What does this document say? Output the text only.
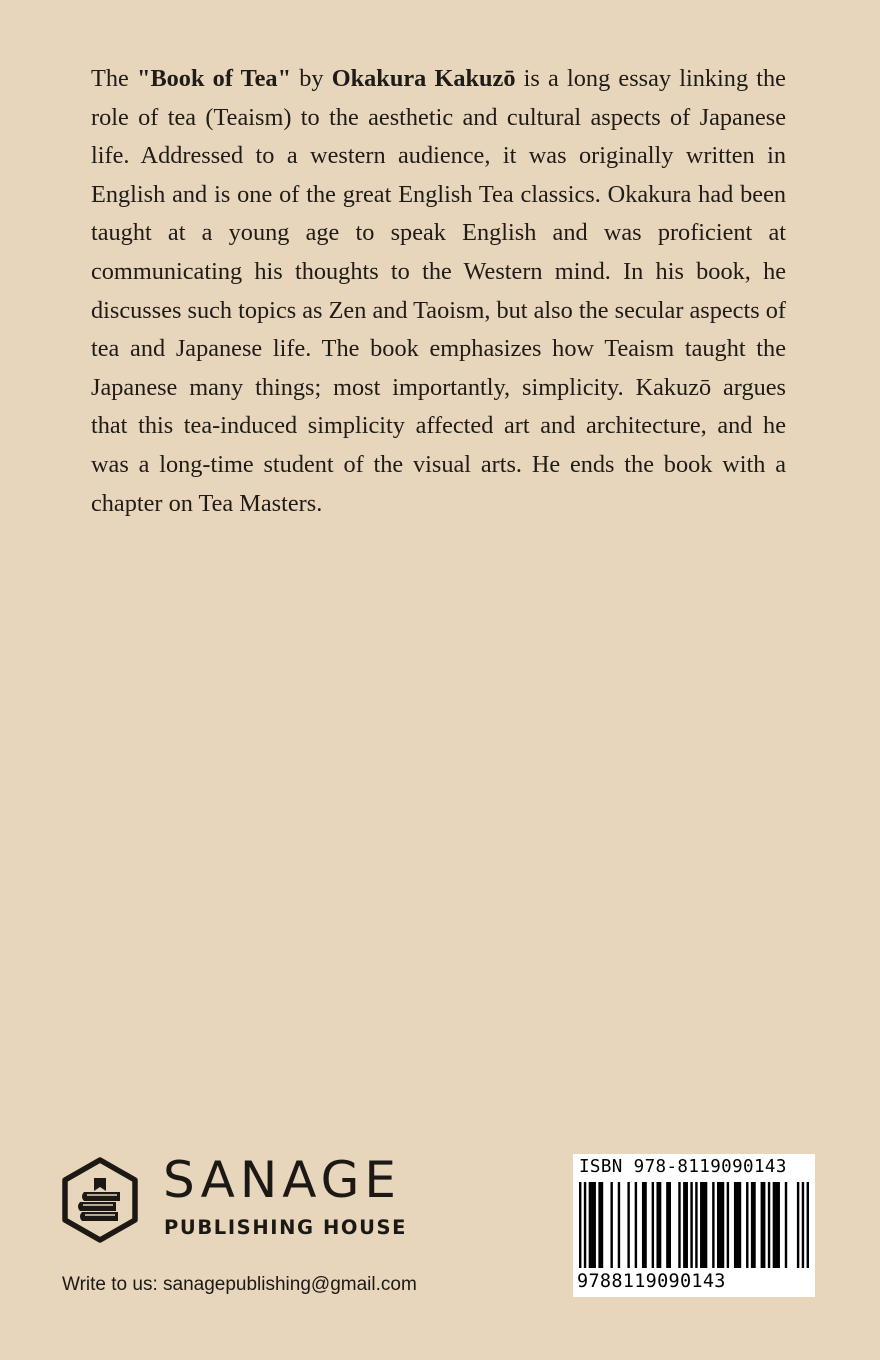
The "Book of Tea" by Okakura Kakuzō is a long essay linking the role of tea (Teaism) to the aesthetic and cultural aspects of Japanese life. Addressed to a western audience, it was originally written in English and is one of the great English Tea classics. Okakura had been taught at a young age to speak English and was proficient at communicating his thoughts to the Western mind. In his book, he discusses such topics as Zen and Taoism, but also the secular aspects of tea and Japanese life. The book emphasizes how Teaism taught the Japanese many things; most importantly, simplicity. Kakuzō argues that this tea-induced simplicity affected art and architecture, and he was a long-time student of the visual arts. He ends the book with a chapter on Tea Masters.

SANAGE
PUBLISHING HOUSE
Write to us: sanagepublishing@gmail.com
ISBN 978-8119090143
9788119090143
